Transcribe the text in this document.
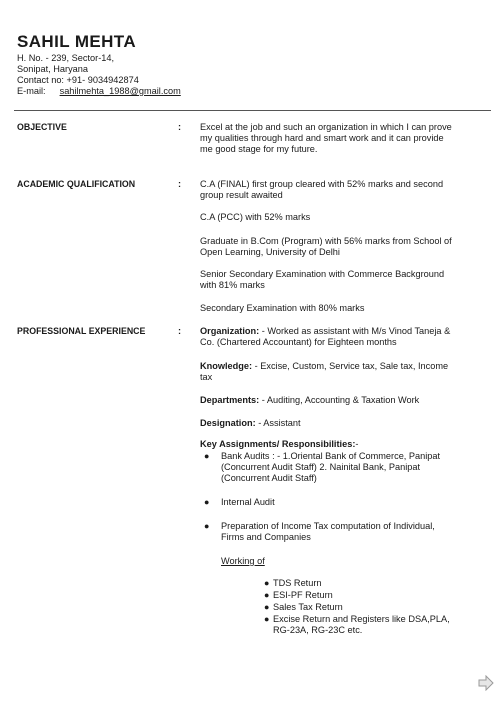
SAHIL MEHTA
H. No. - 239, Sector-14,
Sonipat, Haryana
Contact no: +91- 9034942874
E-mail: sahilmehta_1988@gmail.com
OBJECTIVE	: Excel at the job and such an organization in which I can prove
my qualities through hard and smart work and it can provide
me good stage for my future.
ACADEMIC QUALIFICATION	: C.A (FINAL) first group cleared with 52% marks and second
group result awaited
C.A (PCC) with 52% marks
Graduate in B.Com (Program) with 56% marks from School of
Open Learning, University of Delhi
Senior Secondary Examination with Commerce Background
with 81% marks
Secondary Examination with 80% marks
PROFESSIONAL EXPERIENCE	: Organization: - Worked as assistant with M/s Vinod Taneja &
Co. (Chartered Accountant) for Eighteen months
Knowledge: - Excise, Custom, Service tax, Sale tax, Income
tax
Departments: - Auditing, Accounting & Taxation Work
Designation: - Assistant
Key Assignments/ Responsibilities:-
● Bank Audits : - 1.Oriental Bank of Commerce, Panipat
(Concurrent Audit Staff) 2. Nainital Bank, Panipat
(Concurrent Audit Staff)
● Internal Audit
● Preparation of Income Tax computation of Individual,
Firms and Companies
Working of
● TDS Return
● ESI-PF Return
● Sales Tax Return
● Excise Return and Registers like DSA,PLA,
RG-23A, RG-23C etc.
